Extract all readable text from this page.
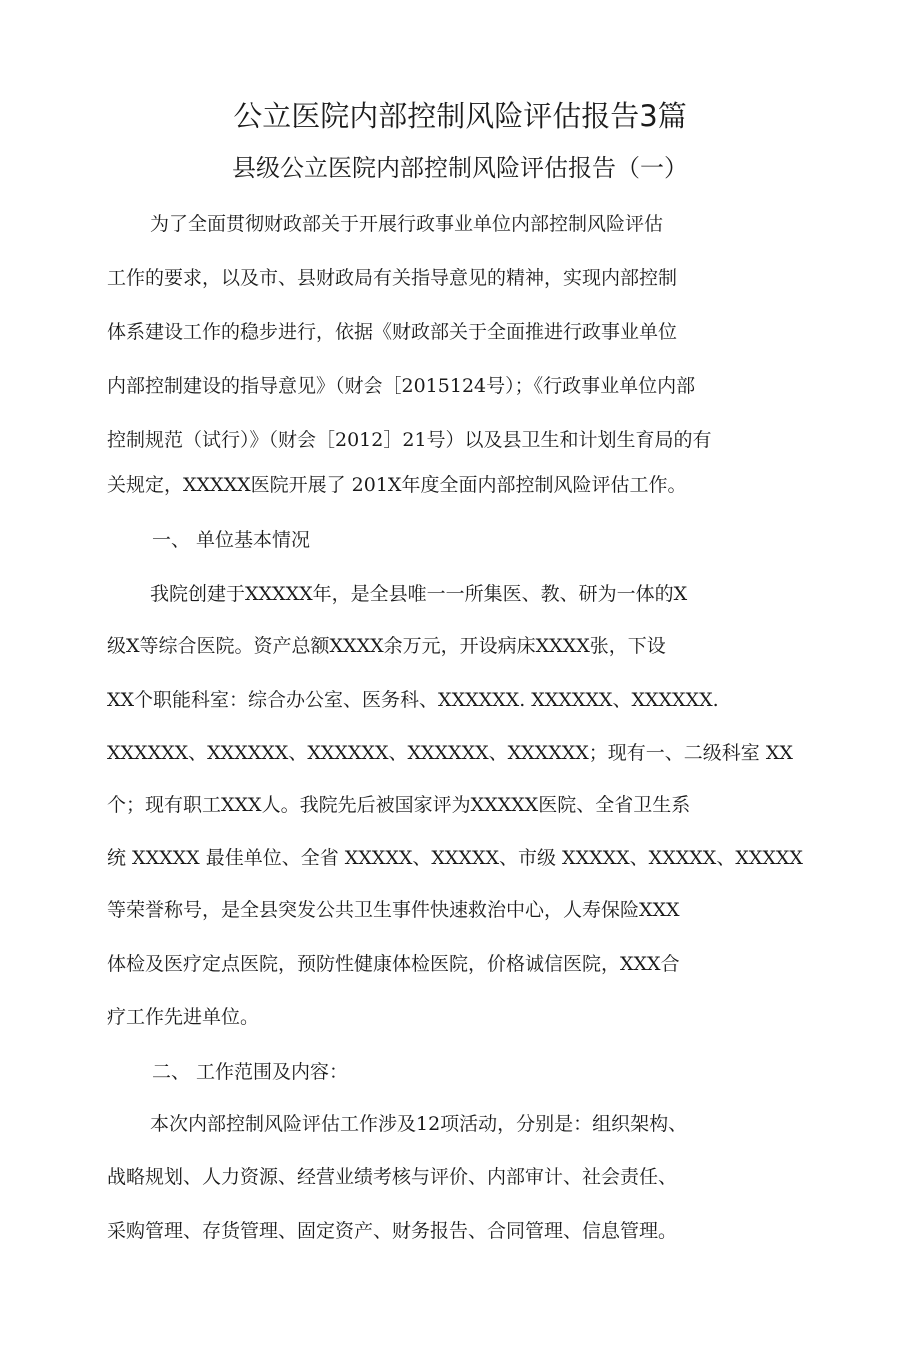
公立医院内部控制风险评估报告3篇
县级公立医院内部控制风险评估报告（一）
为了全面贯彻财政部关于开展行政事业单位内部控制风险评估
工作的要求，以及市、县财政局有关指导意见的精神，实现内部控制
体系建设工作的稳步进行，依据《财政部关于全面推进行政事业单位
内部控制建设的指导意见》（财会［2015124号）；《行政事业单位内部
控制规范（试行）》（财会［2012］21号）以及县卫生和计划生育局的有
关规定，XXXXX医院开展了 201X年度全面内部控制风险评估工作。
一、 单位基本情况
我院创建于XXXXX年，是全县唯一一所集医、教、研为一体的X
级X等综合医院。资产总额XXXX余万元，开设病床XXXX张，下设
XX个职能科室：综合办公室、医务科、XXXXXX. XXXXXX、XXXXXX.
XXXXXX、XXXXXX、XXXXXX、XXXXXX、XXXXXX；现有一、二级科室 XX
个；现有职工XXX人。我院先后被国家评为XXXXX医院、全省卫生系
统 XXXXX 最佳单位、全省 XXXXX、XXXXX、市级 XXXXX、XXXXX、XXXXX
等荣誉称号，是全县突发公共卫生事件快速救治中心，人寿保险XXX
体检及医疗定点医院，预防性健康体检医院，价格诚信医院，XXX合
疗工作先进单位。
二、 工作范围及内容：
本次内部控制风险评估工作涉及12项活动，分别是：组织架构、
战略规划、人力资源、经营业绩考核与评价、内部审计、社会责任、
采购管理、存货管理、固定资产、财务报告、合同管理、信息管理。
